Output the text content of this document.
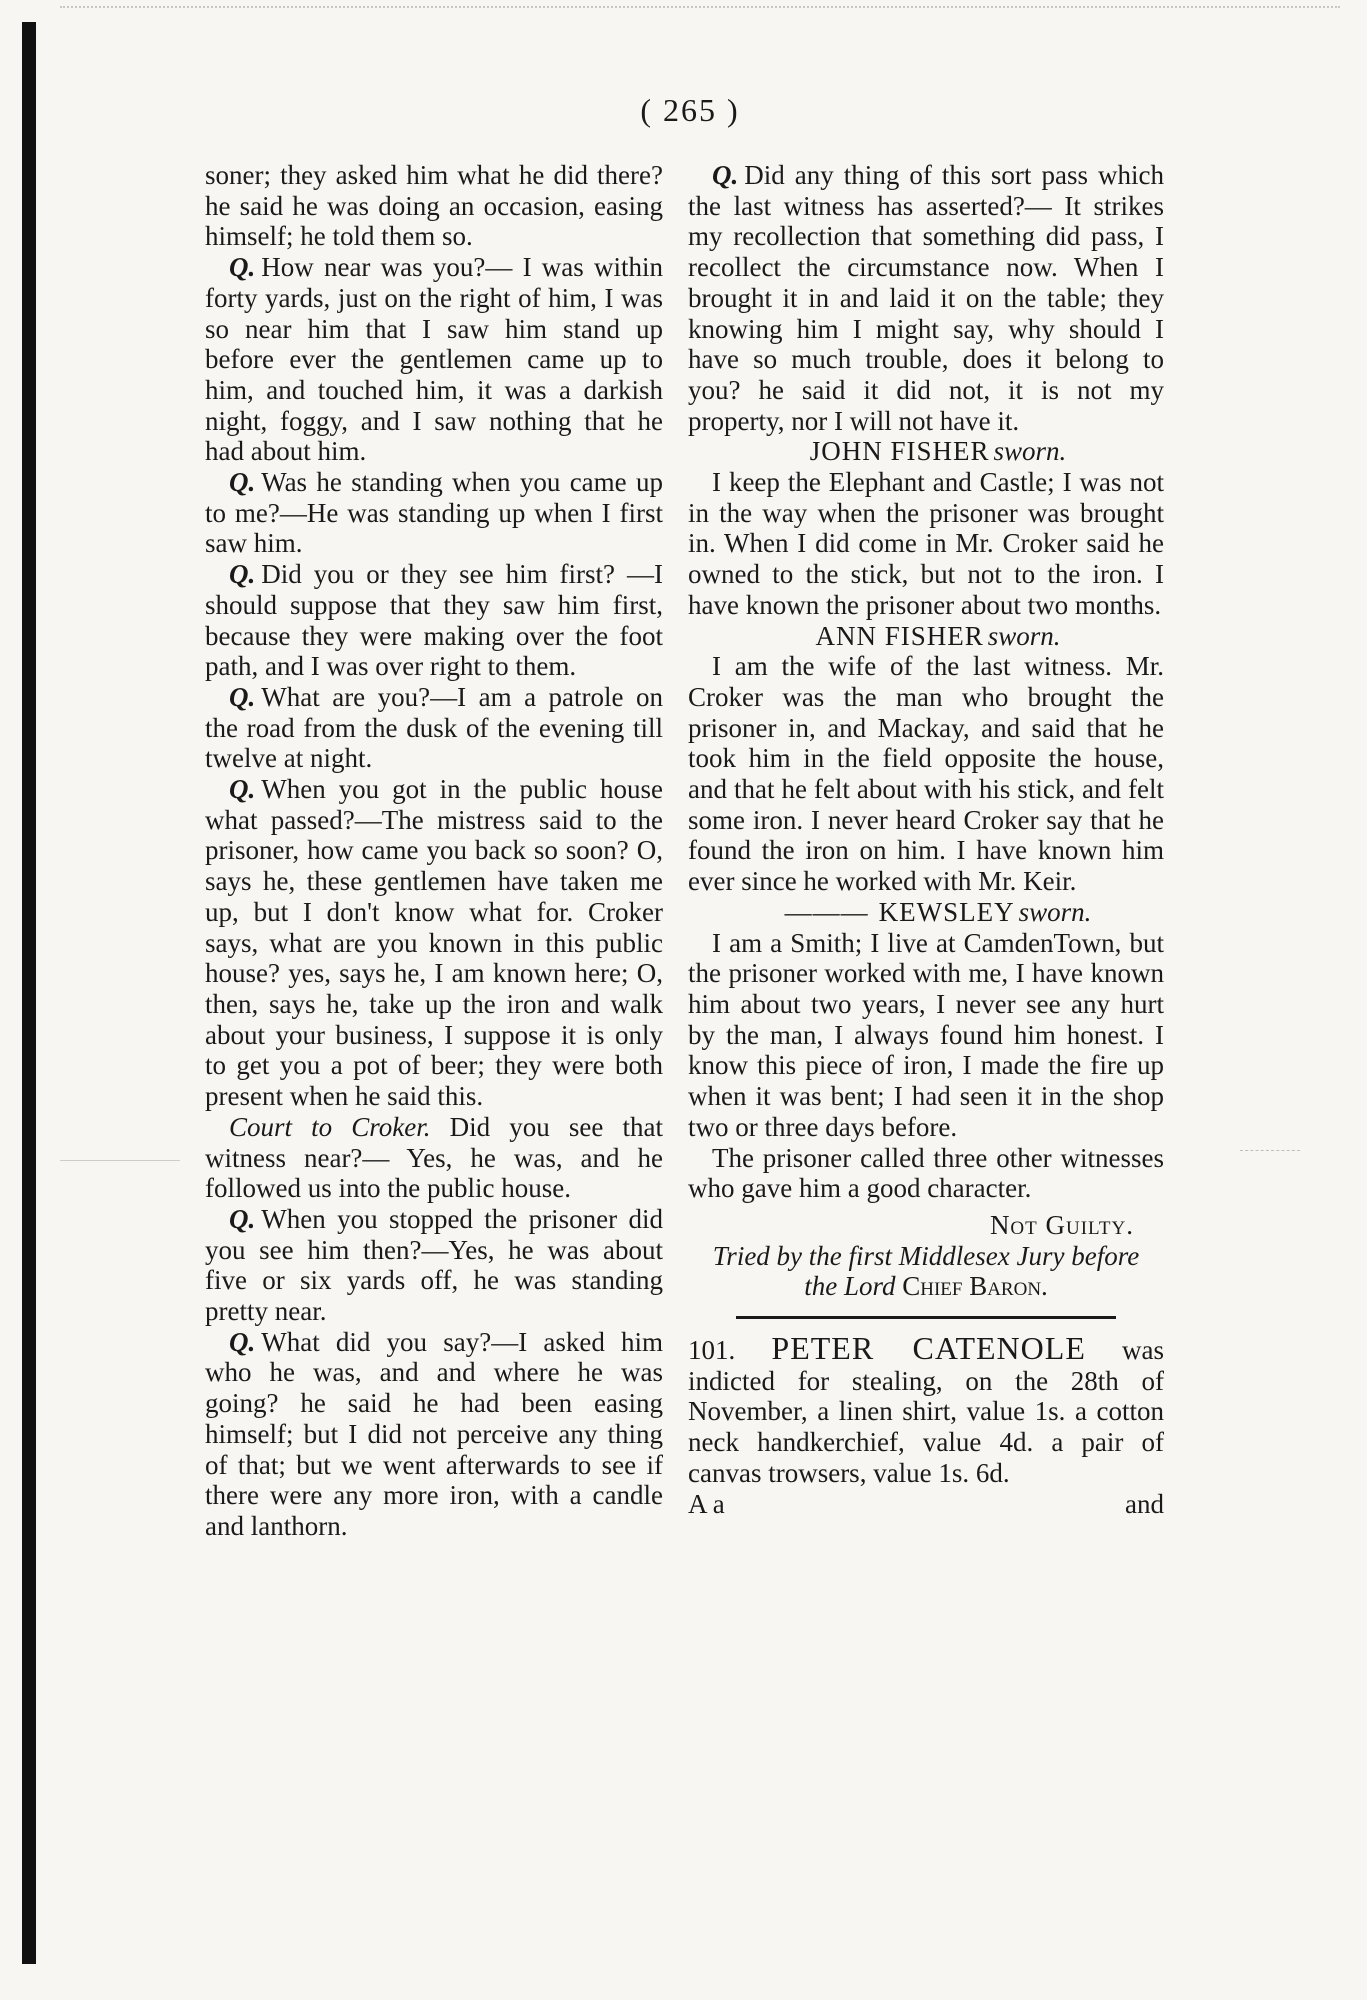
( 265 )

soner; they asked him what he did there? he said he was doing an occasion, easing himself; he told them so.

Q. How near was you?— I was within forty yards, just on the right of him, I was so near him that I saw him stand up before ever the gentlemen came up to him, and touched him, it was a darkish night, foggy, and I saw nothing that he had about him.

Q. Was he standing when you came up to me?—He was standing up when I first saw him.

Q. Did you or they see him first? —I should suppose that they saw him first, because they were making over the foot path, and I was over right to them.

Q. What are you?—I am a patrole on the road from the dusk of the evening till twelve at night.

Q. When you got in the public house what passed?—The mistress said to the prisoner, how came you back so soon? O, says he, these gentlemen have taken me up, but I don't know what for. Croker says, what are you known in this public house? yes, says he, I am known here; O, then, says he, take up the iron and walk about your business, I suppose it is only to get you a pot of beer; they were both present when he said this.

Court to Croker. Did you see that witness near?— Yes, he was, and he followed us into the public house.

Q. When you stopped the prisoner did you see him then?—Yes, he was about five or six yards off, he was standing pretty near.

Q. What did you say?—I asked him who he was, and and where he was going? he said he had been easing himself; but I did not perceive any thing of that; but we went afterwards to see if there were any more iron, with a candle and lanthorn.

Q. Did any thing of this sort pass which the last witness has asserted?— It strikes my recollection that something did pass, I recollect the circumstance now. When I brought it in and laid it on the table; they knowing him I might say, why should I have so much trouble, does it belong to you? he said it did not, it is not my property, nor I will not have it.

JOHN FISHER sworn.

I keep the Elephant and Castle; I was not in the way when the prisoner was brought in. When I did come in Mr. Croker said he owned to the stick, but not to the iron. I have known the prisoner about two months.

ANN FISHER sworn.

I am the wife of the last witness. Mr. Croker was the man who brought the prisoner in, and Mackay, and said that he took him in the field opposite the house, and that he felt about with his stick, and felt some iron. I never heard Croker say that he found the iron on him. I have known him ever since he worked with Mr. Keir.

——— KEWSLEY sworn.

I am a Smith; I live at CamdenTown, but the prisoner worked with me, I have known him about two years, I never see any hurt by the man, I always found him honest. I know this piece of iron, I made the fire up when it was bent; I had seen it in the shop two or three days before.

The prisoner called three other witnesses who gave him a good character.

Not Guilty.

Tried by the first Middlesex Jury before
the Lord Chief Baron.

101. PETER CATENOLE was indicted for stealing, on the 28th of November, a linen shirt, value 1s. a cotton neck handkerchief, value 4d. a pair of canvas trowsers, value 1s. 6d.

A a	and
